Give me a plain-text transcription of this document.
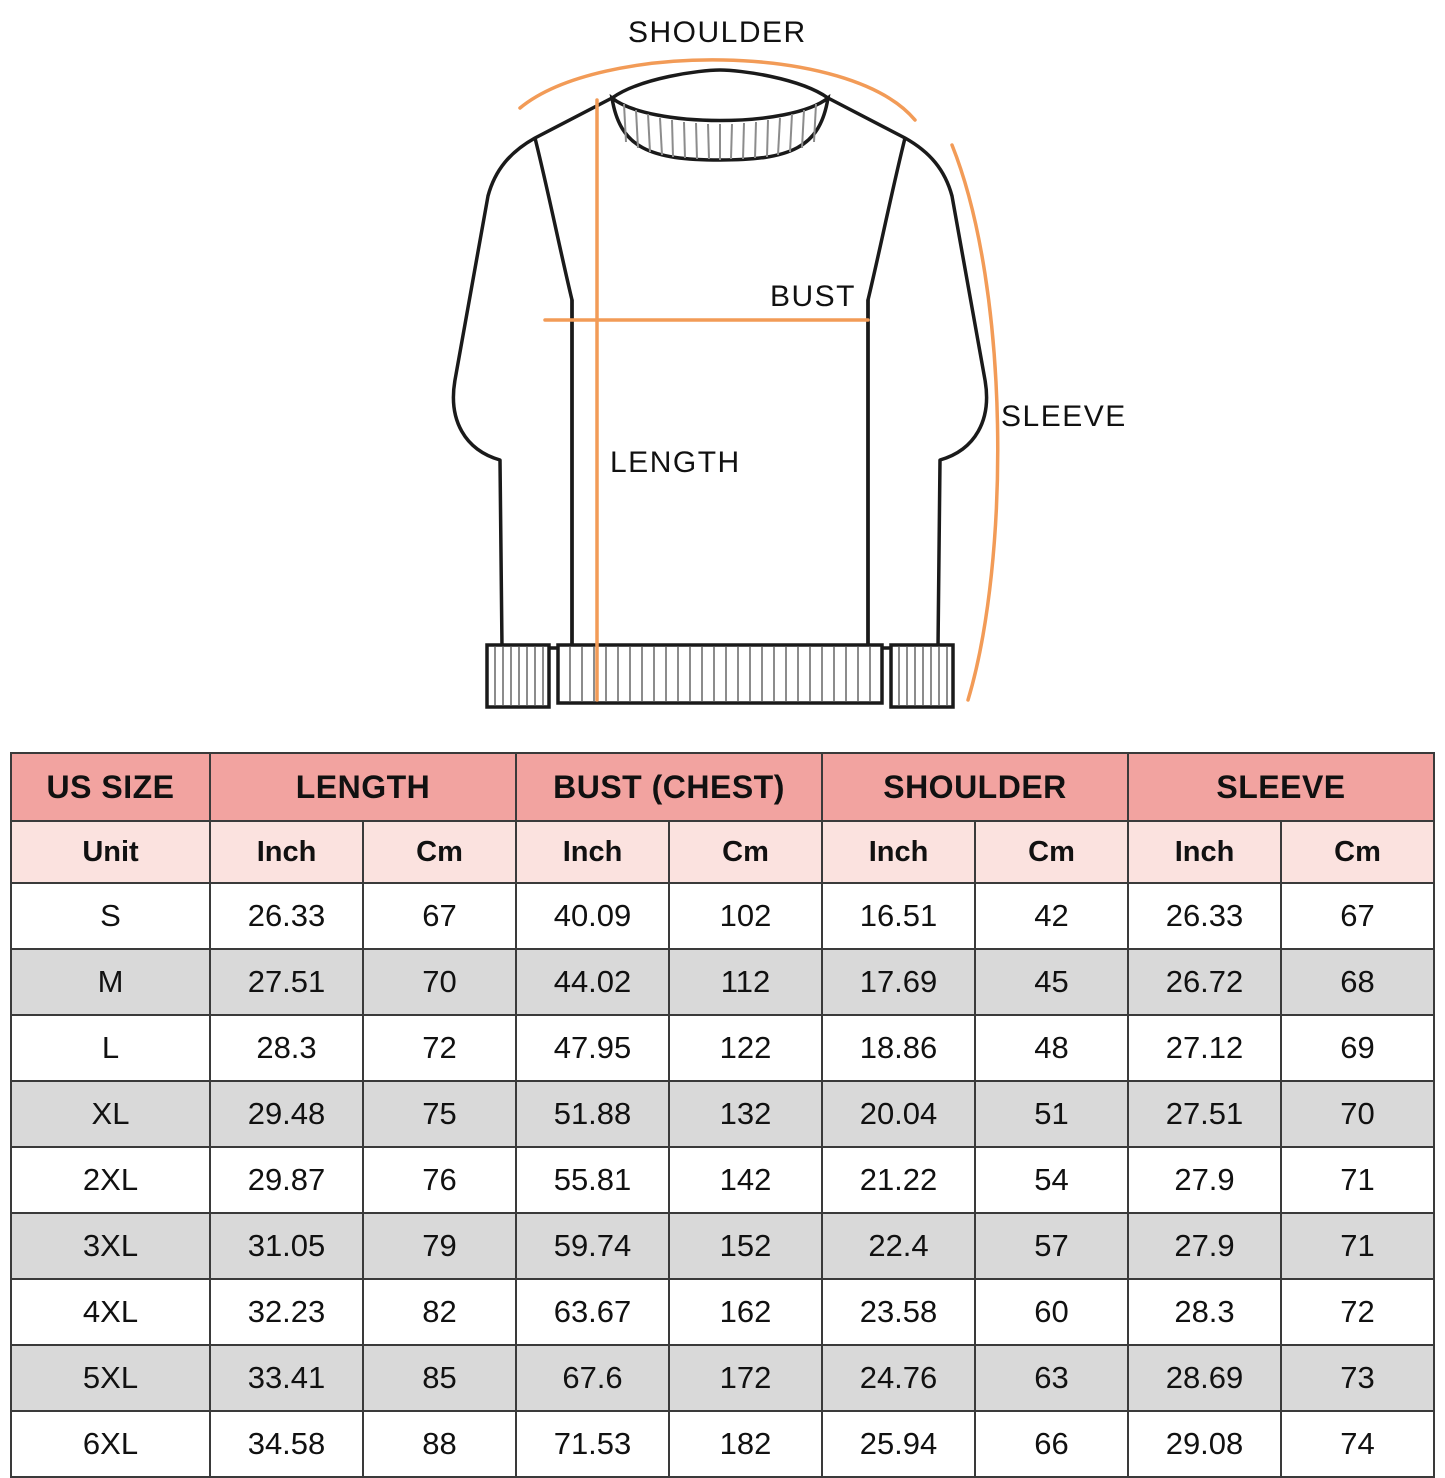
SHOULDER
BUST
SLEEVE
LENGTH
US SIZE	LENGTH		BUST (CHEST)		SHOULDER		SLEEVE	
Unit	Inch	Cm	Inch	Cm	Inch	Cm	Inch	Cm
S	26.33	67	40.09	102	16.51	42	26.33	67
M	27.51	70	44.02	112	17.69	45	26.72	68
L	28.3	72	47.95	122	18.86	48	27.12	69
XL	29.48	75	51.88	132	20.04	51	27.51	70
2XL	29.87	76	55.81	142	21.22	54	27.9	71
3XL	31.05	79	59.74	152	22.4	57	27.9	71
4XL	32.23	82	63.67	162	23.58	60	28.3	72
5XL	33.41	85	67.6	172	24.76	63	28.69	73
6XL	34.58	88	71.53	182	25.94	66	29.08	74
